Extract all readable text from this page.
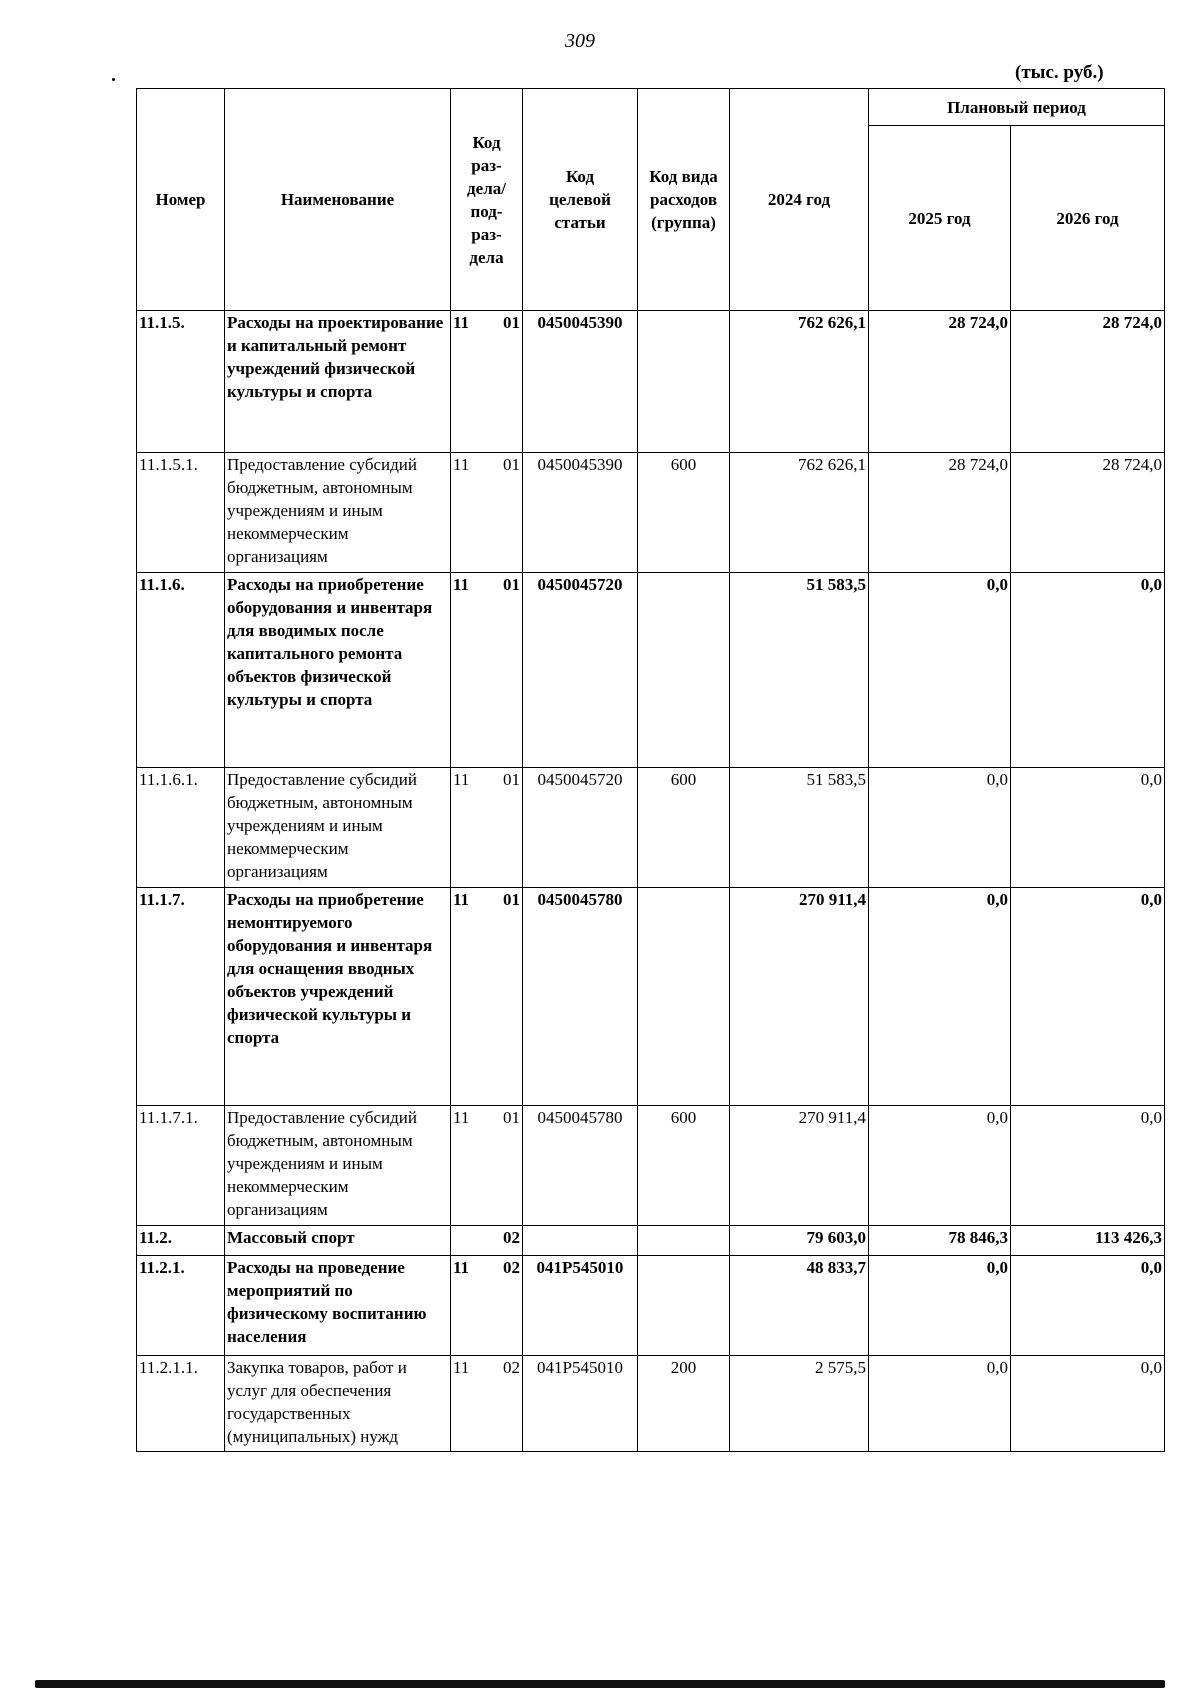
309
(тыс. руб.)
Номер	Наименование	Код раз-дела/ под-раз-дела	Код целевой статьи	Код вида расходов (группа)	2024 год	Плановый период	
						2025 год	2026 год
11.1.5.	Расходы на проектирование и капитальный ремонт учреждений физической культуры и спорта	11 01	0450045390		762 626,1	28 724,0	28 724,0
11.1.5.1.	Предоставление субсидий бюджетным, автономным учреждениям и иным некоммерческим организациям	11 01	0450045390	600	762 626,1	28 724,0	28 724,0
11.1.6.	Расходы на приобретение оборудования и инвентаря для вводимых после капитального ремонта объектов физической культуры и спорта	11 01	0450045720		51 583,5	0,0	0,0
11.1.6.1.	Предоставление субсидий бюджетным, автономным учреждениям и иным некоммерческим организациям	11 01	0450045720	600	51 583,5	0,0	0,0
11.1.7.	Расходы на приобретение немонтируемого оборудования и инвентаря для оснащения вводных объектов учреждений физической культуры и спорта	11 01	0450045780		270 911,4	0,0	0,0
11.1.7.1.	Предоставление субсидий бюджетным, автономным учреждениям и иным некоммерческим организациям	11 01	0450045780	600	270 911,4	0,0	0,0
11.2.	Массовый спорт	02			79 603,0	78 846,3	113 426,3
11.2.1.	Расходы на проведение мероприятий по физическому воспитанию населения	11 02	041P545010		48 833,7	0,0	0,0
11.2.1.1.	Закупка товаров, работ и услуг для обеспечения государственных (муниципальных) нужд	11 02	041P545010	200	2 575,5	0,0	0,0
